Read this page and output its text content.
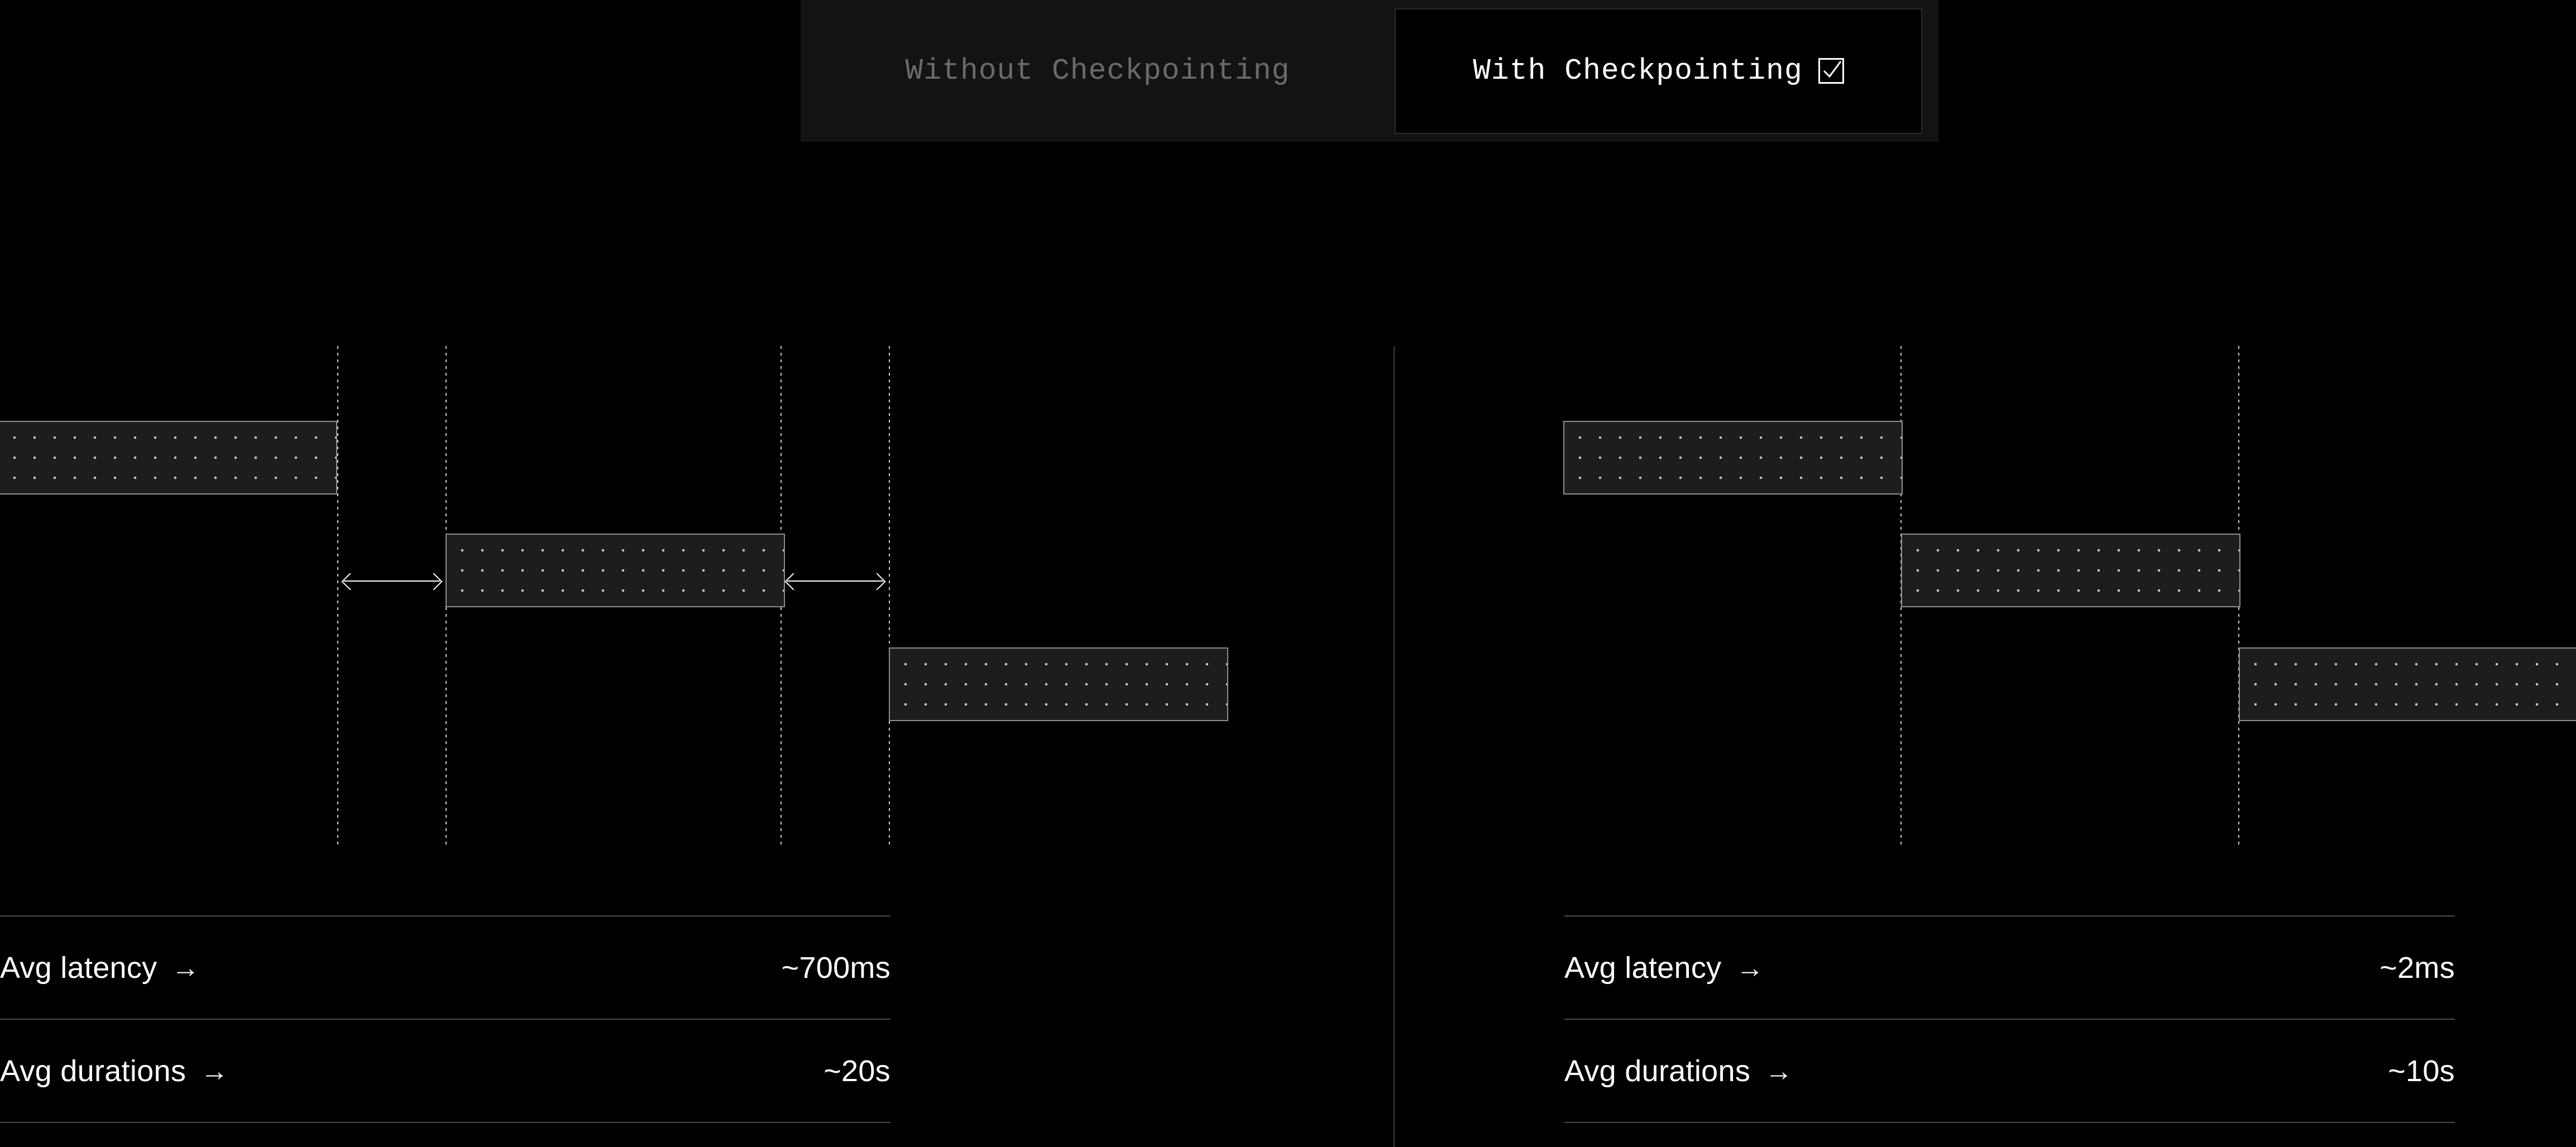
Without Checkpointing	With Checkpointing
Avg latency →	~700ms
Avg durations →	~20s
Avg latency →	~2ms
Avg durations →	~10s
